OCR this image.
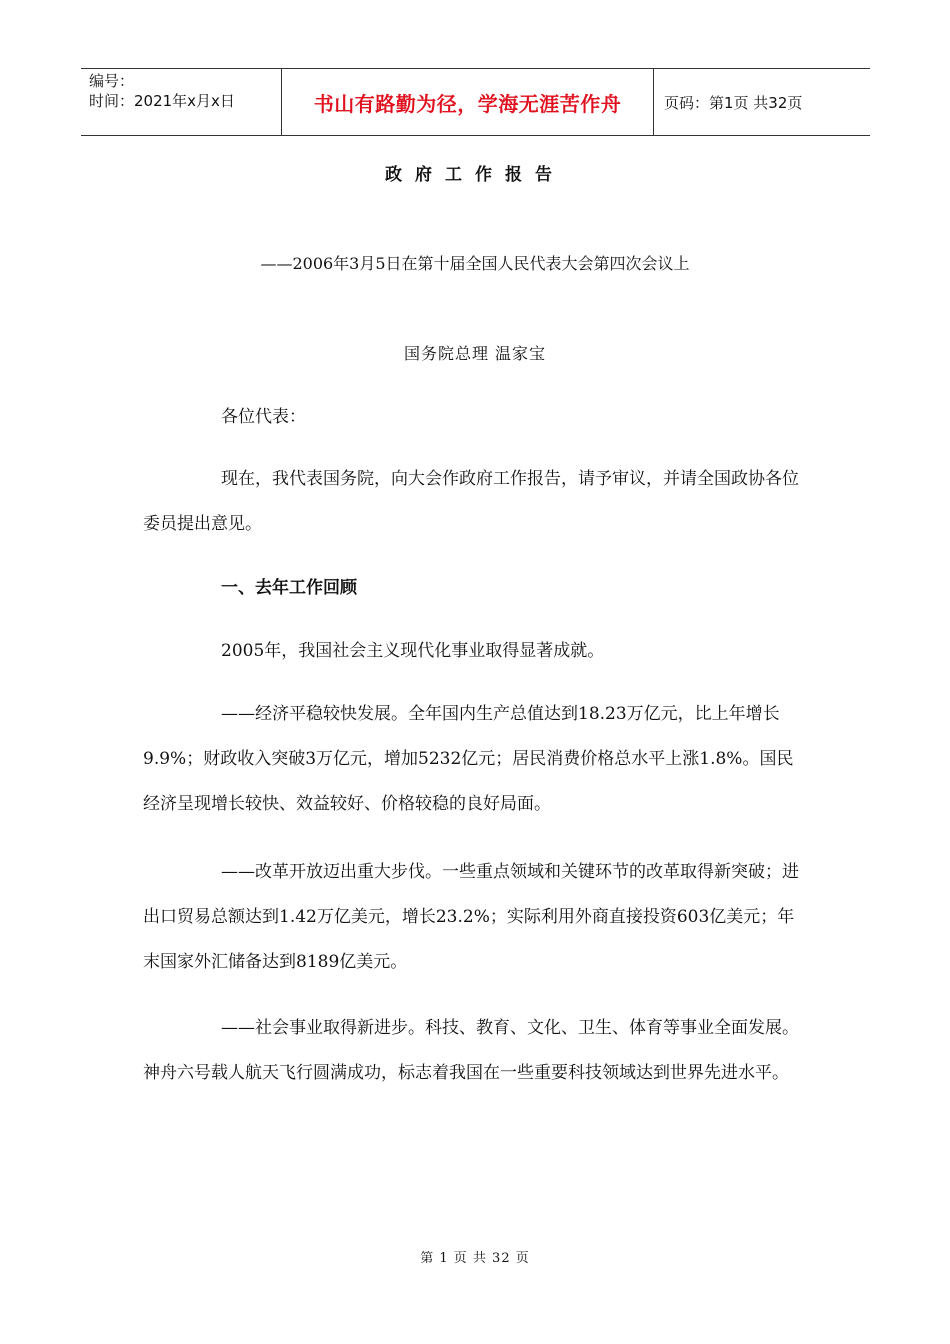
编号：
时间：2021年x月x日	书山有路勤为径，学海无涯苦作舟	页码：第1页 共32页
政府工作报告
——2006年3月5日在第十届全国人民代表大会第四次会议上
国务院总理 温家宝

各位代表：

现在，我代表国务院，向大会作政府工作报告，请予审议，并请全国政协各位委员提出意见。

一、去年工作回顾

2005年，我国社会主义现代化事业取得显著成就。

——经济平稳较快发展。全年国内生产总值达到18.23万亿元，比上年增长9.9%；财政收入突破3万亿元，增加5232亿元；居民消费价格总水平上涨1.8%。国民经济呈现增长较快、效益较好、价格较稳的良好局面。

——改革开放迈出重大步伐。一些重点领域和关键环节的改革取得新突破；进出口贸易总额达到1.42万亿美元，增长23.2%；实际利用外商直接投资603亿美元；年末国家外汇储备达到8189亿美元。

——社会事业取得新进步。科技、教育、文化、卫生、体育等事业全面发展。神舟六号载人航天飞行圆满成功，标志着我国在一些重要科技领域达到世界先进水平。

第 1 页 共 32 页
